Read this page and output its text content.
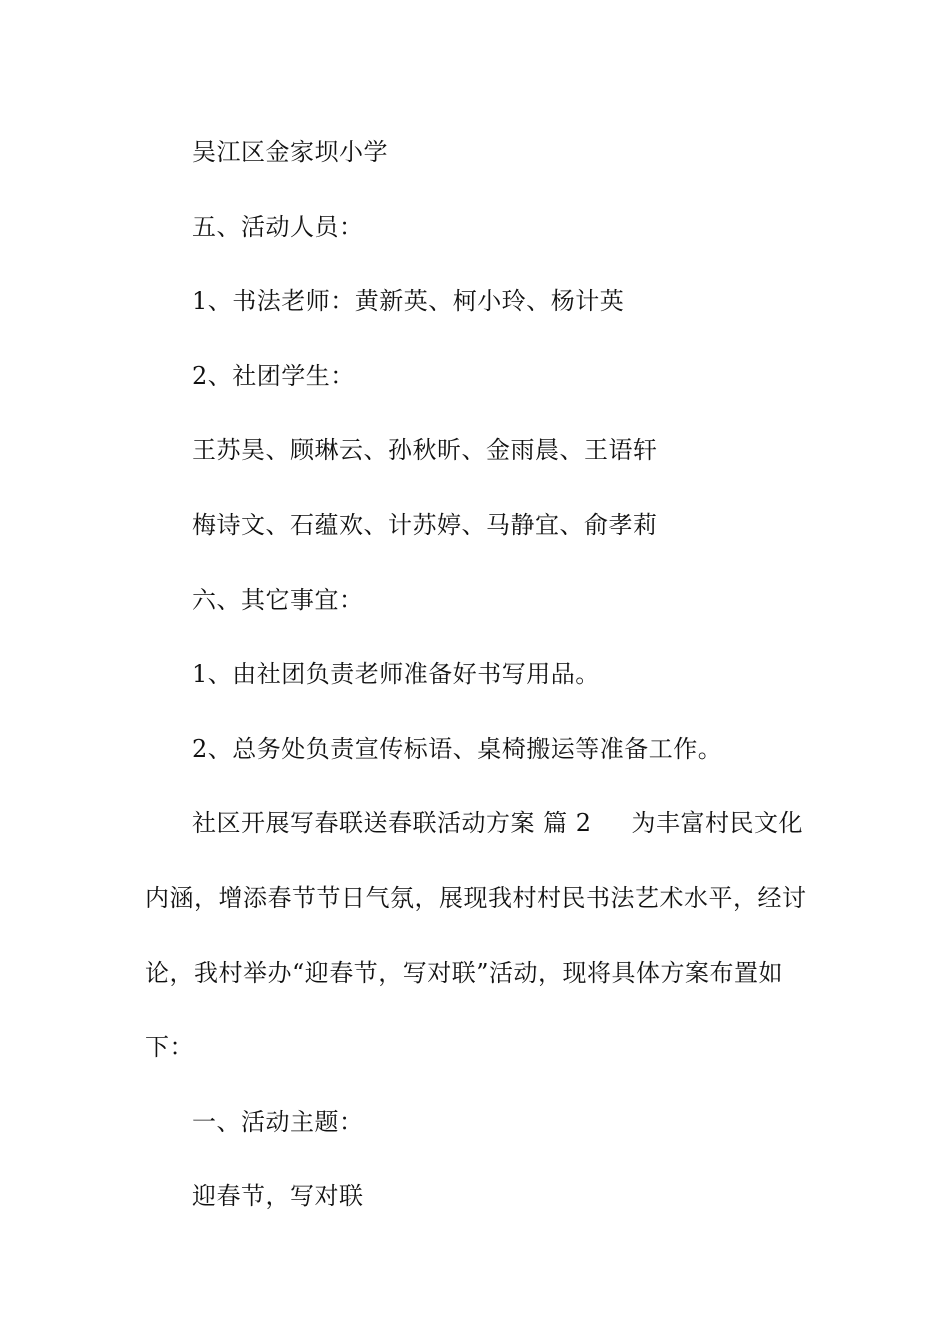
吴江区金家坝小学
五、活动人员：
1、书法老师：黄新英、柯小玲、杨计英
2、社团学生：
王苏昊、顾琳云、孙秋昕、金雨晨、王语轩
梅诗文、石蕴欢、计苏婷、马静宜、俞孝莉
六、其它事宜：
1、由社团负责老师准备好书写用品。
2、总务处负责宣传标语、桌椅搬运等准备工作。
社区开展写春联送春联活动方案 篇 2 为丰富村民文化
内涵，增添春节节日气氛，展现我村村民书法艺术水平，经讨
论，我村举办“迎春节，写对联”活动，现将具体方案布置如
下：
一、活动主题：
迎春节，写对联
